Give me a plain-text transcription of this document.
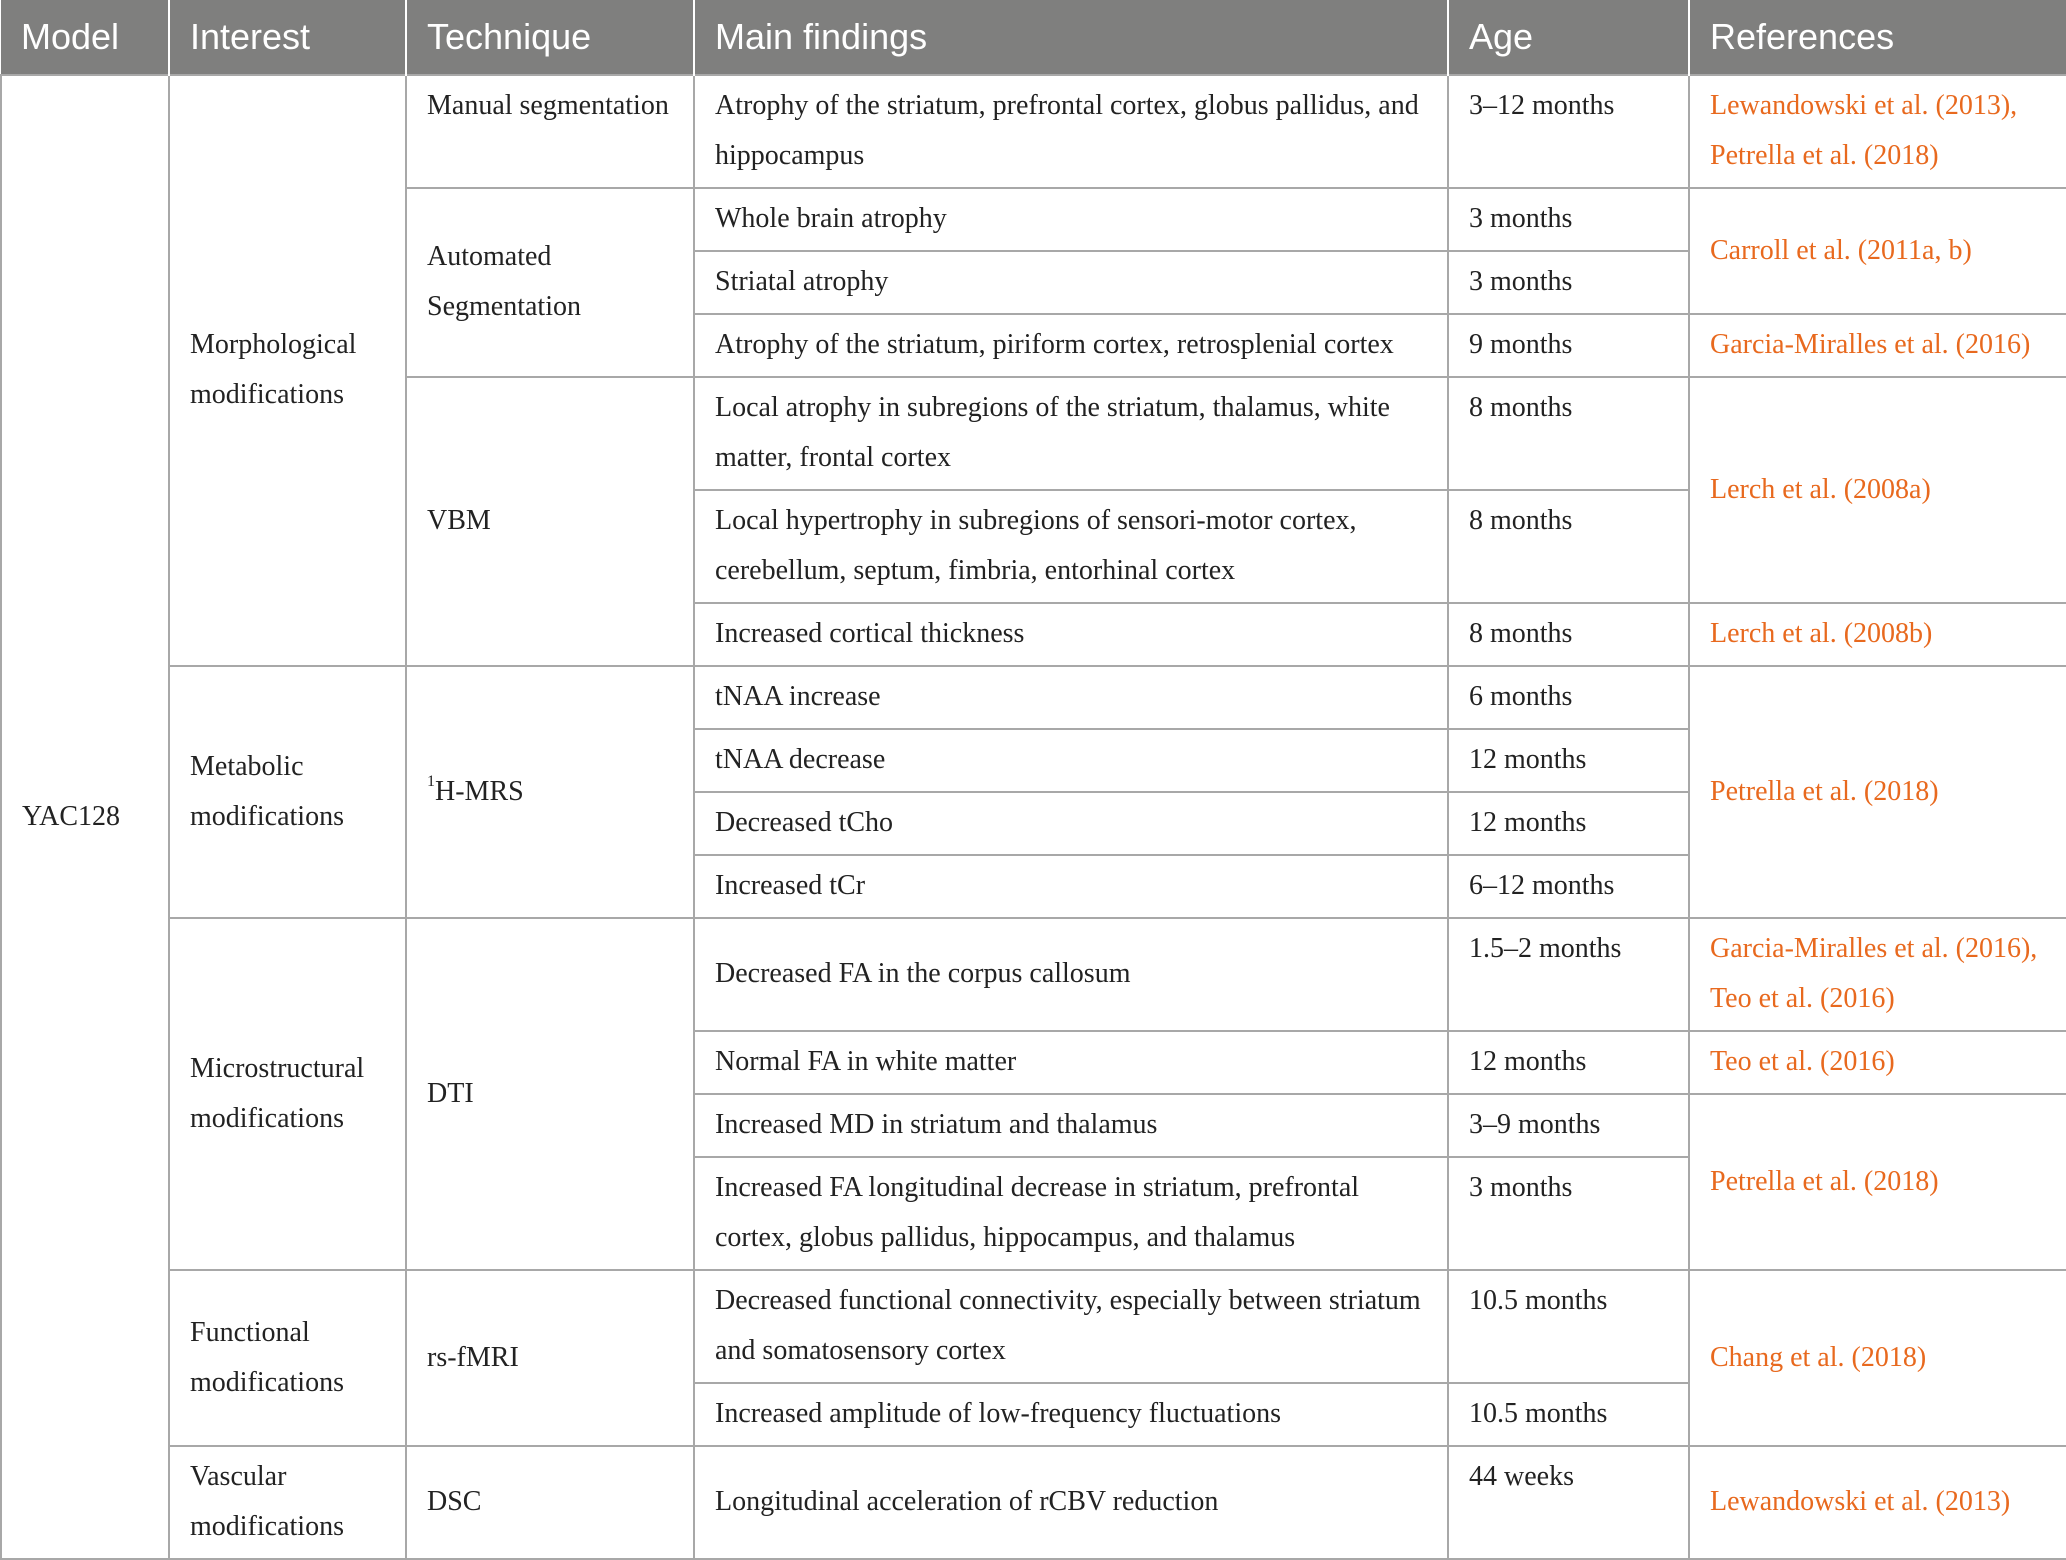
Model	Interest	Technique	Main findings	Age	References
YAC128	Morphological modifications	Manual segmentation	Atrophy of the striatum, prefrontal cortex, globus pallidus, and hippocampus	3–12 months	Lewandowski et al. (2013), Petrella et al. (2018)
		Automated Segmentation	Whole brain atrophy	3 months	Carroll et al. (2011a, b)
			Striatal atrophy	3 months	
			Atrophy of the striatum, piriform cortex, retrosplenial cortex	9 months	Garcia-Miralles et al. (2016)
		VBM	Local atrophy in subregions of the striatum, thalamus, white matter, frontal cortex	8 months	Lerch et al. (2008a)
			Local hypertrophy in subregions of sensori-motor cortex, cerebellum, septum, fimbria, entorhinal cortex	8 months	
			Increased cortical thickness	8 months	Lerch et al. (2008b)
	Metabolic modifications	$^1$H-MRS	tNAA increase	6 months	Petrella et al. (2018)
			tNAA decrease	12 months	
			Decreased tCho	12 months	
			Increased tCr	6–12 months	
	Microstructural modifications	DTI	Decreased FA in the corpus callosum	1.5–2 months	Garcia-Miralles et al. (2016), Teo et al. (2016)
			Normal FA in white matter	12 months	Teo et al. (2016)
			Increased MD in striatum and thalamus	3–9 months	Petrella et al. (2018)
			Increased FA longitudinal decrease in striatum, prefrontal cortex, globus pallidus, hippocampus, and thalamus	3 months	
	Functional modifications	rs-fMRI	Decreased functional connectivity, especially between striatum and somatosensory cortex	10.5 months	Chang et al. (2018)
			Increased amplitude of low-frequency fluctuations	10.5 months	
	Vascular modifications	DSC	Longitudinal acceleration of rCBV reduction	44 weeks	Lewandowski et al. (2013)
